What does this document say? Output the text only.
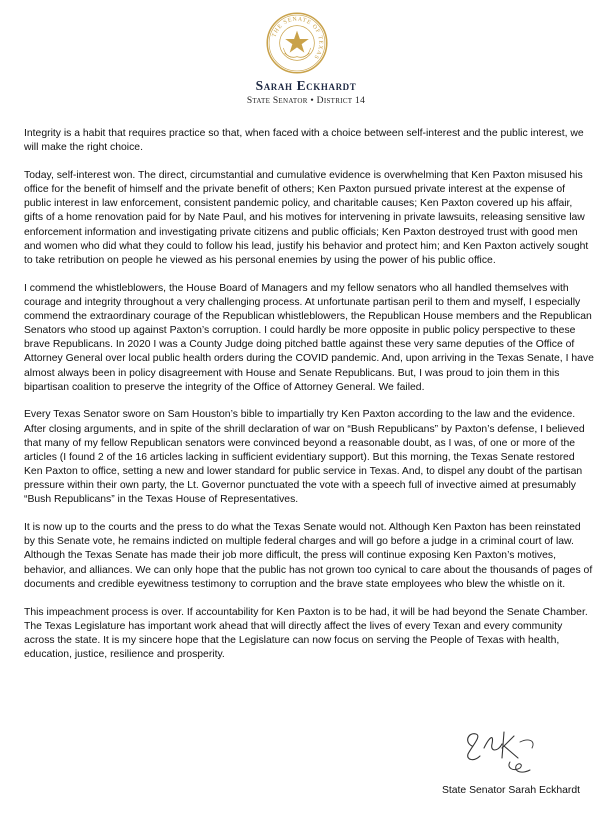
THE SENATE OF TEXAS
Sarah Eckhardt
State Senator • District 14

Integrity is a habit that requires practice so that, when faced with a choice between self-interest and the public interest, we will make the right choice.

Today, self-interest won. The direct, circumstantial and cumulative evidence is overwhelming that Ken Paxton misused his office for the benefit of himself and the private benefit of others; Ken Paxton pursued private interest at the expense of public interest in law enforcement, consistent pandemic policy, and charitable causes; Ken Paxton covered up his affair, gifts of a home renovation paid for by Nate Paul, and his motives for intervening in private lawsuits, releasing sensitive law enforcement information and investigating private citizens and public officials; Ken Paxton destroyed trust with good men and women who did what they could to follow his lead, justify his behavior and protect him; and Ken Paxton actively sought to take retribution on people he viewed as his personal enemies by using the power of his public office.

I commend the whistleblowers, the House Board of Managers and my fellow senators who all handled themselves with courage and integrity throughout a very challenging process. At unfortunate partisan peril to them and myself, I especially commend the extraordinary courage of the Republican whistleblowers, the Republican House members and the Republican Senators who stood up against Paxton’s corruption. I could hardly be more opposite in public policy perspective to these brave Republicans. In 2020 I was a County Judge doing pitched battle against these very same deputies of the Office of Attorney General over local public health orders during the COVID pandemic. And, upon arriving in the Texas Senate, I have almost always been in policy disagreement with House and Senate Republicans. But, I was proud to join them in this bipartisan coalition to preserve the integrity of the Office of Attorney General. We failed.

Every Texas Senator swore on Sam Houston’s bible to impartially try Ken Paxton according to the law and the evidence. After closing arguments, and in spite of the shrill declaration of war on “Bush Republicans” by Paxton’s defense, I believed that many of my fellow Republican senators were convinced beyond a reasonable doubt, as I was, of one or more of the articles (I found 2 of the 16 articles lacking in sufficient evidentiary support). But this morning, the Texas Senate restored Ken Paxton to office, setting a new and lower standard for public service in Texas. And, to dispel any doubt of the partisan pressure within their own party, the Lt. Governor punctuated the vote with a speech full of invective aimed at presumably “Bush Republicans” in the Texas House of Representatives.

It is now up to the courts and the press to do what the Texas Senate would not. Although Ken Paxton has been reinstated by this Senate vote, he remains indicted on multiple federal charges and will go before a judge in a criminal court of law. Although the Texas Senate has made their job more difficult, the press will continue exposing Ken Paxton’s motives, behavior, and alliances. We can only hope that the public has not grown too cynical to care about the thousands of pages of documents and credible eyewitness testimony to corruption and the brave state employees who blew the whistle on it.

This impeachment process is over. If accountability for Ken Paxton is to be had, it will be had beyond the Senate Chamber. The Texas Legislature has important work ahead that will directly affect the lives of every Texan and every community across the state. It is my sincere hope that the Legislature can now focus on serving the People of Texas with health, education, justice, resilience and prosperity.

State Senator Sarah Eckhardt
